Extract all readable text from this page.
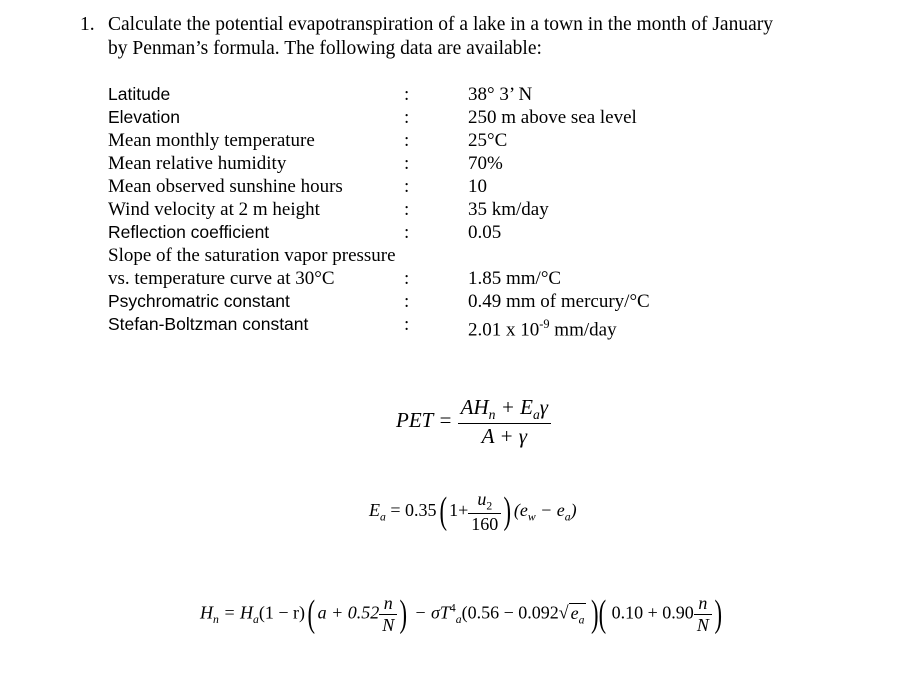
1. Calculate the potential evapotranspiration of a lake in a town in the month of January
by Penman’s formula. The following data are available:
Latitude	:	38° 3’ N
Elevation	:	250 m above sea level
Mean monthly temperature	:	25°C
Mean relative humidity	:	70%
Mean observed sunshine hours	:	10
Wind velocity at 2 m height	:	35 km/day
Reflection coefficient	:	0.05
Slope of the saturation vapor pressure
vs. temperature curve at 30°C	:	1.85 mm/°C
Psychromatric constant	:	0.49 mm of mercury/°C
Stefan-Boltzman constant	:	2.01 x $10^{-9}$ mm/day
PET = $\frac{AH_n + E_a\gamma}{A + \gamma}$
$E_a = 0.35$( $1+ \frac{u_2}{160}$ ) $(e_w - e_a)$
$H_n = H_a(1 - r)$( $a + 0.52 \frac{n}{N}$ ) − $\sigma T^4_a(0.56 - 0.092√$ $e_a$ )( $0.10 + 0.90 \frac{n}{N}$ )
